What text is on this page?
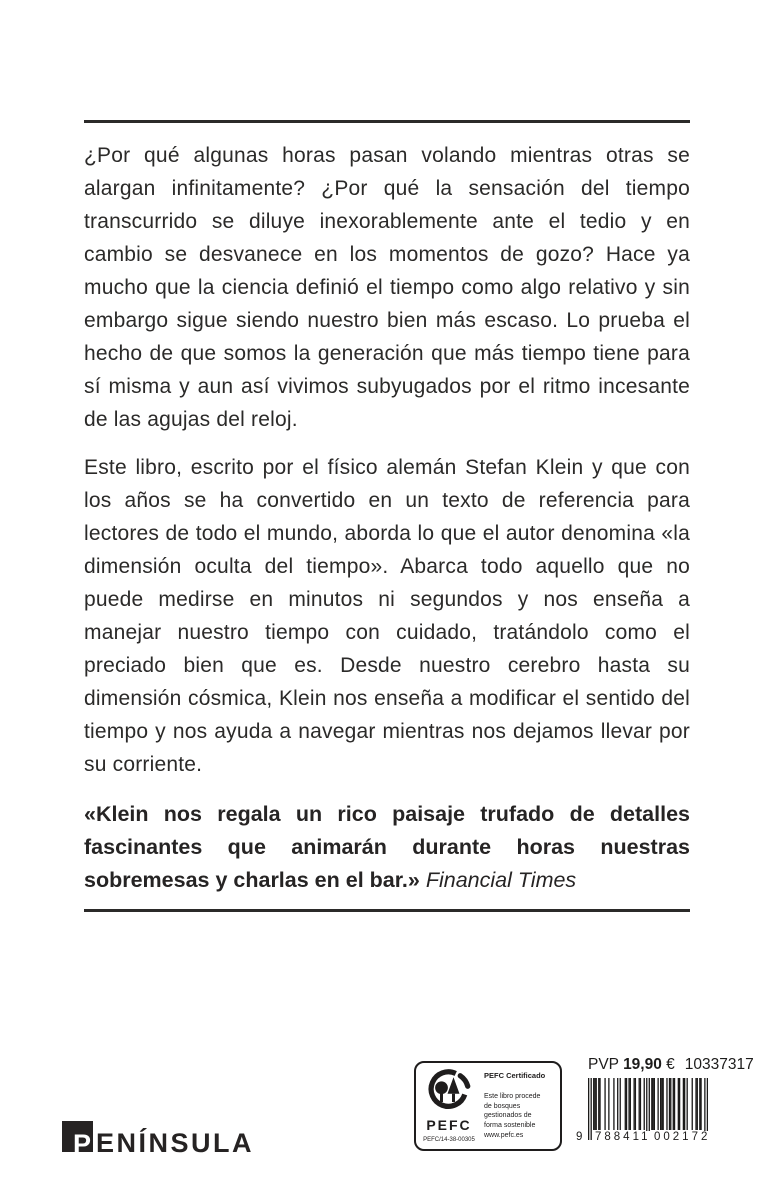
¿Por qué algunas horas pasan volando mientras otras se alargan infinitamente? ¿Por qué la sensación del tiempo transcurrido se diluye inexorablemente ante el tedio y en cambio se desvanece en los momentos de gozo? Hace ya mucho que la ciencia definió el tiempo como algo relativo y sin embargo sigue siendo nuestro bien más escaso. Lo prueba el hecho de que somos la generación que más tiempo tiene para sí misma y aun así vivimos subyugados por el ritmo incesante de las agujas del reloj.

Este libro, escrito por el físico alemán Stefan Klein y que con los años se ha convertido en un texto de referencia para lectores de todo el mundo, aborda lo que el autor denomina «la dimensión oculta del tiempo». Abarca todo aquello que no puede medirse en minutos ni segundos y nos enseña a manejar nuestro tiempo con cuidado, tratándolo como el preciado bien que es. Desde nuestro cerebro hasta su dimensión cósmica, Klein nos enseña a modificar el sentido del tiempo y nos ayuda a navegar mientras nos dejamos llevar por su corriente.

«Klein nos regala un rico paisaje trufado de detalles fascinantes que animarán durante horas nuestras sobremesas y charlas en el bar.» Financial Times

P ENÍNSULA
PEFC
PEFC/14-38-00305
PEFC Certificado
Este libro procede de bosques gestionados de forma sostenible
www.pefc.es
PVP 19,90 € 10337317
9 788411 002172
